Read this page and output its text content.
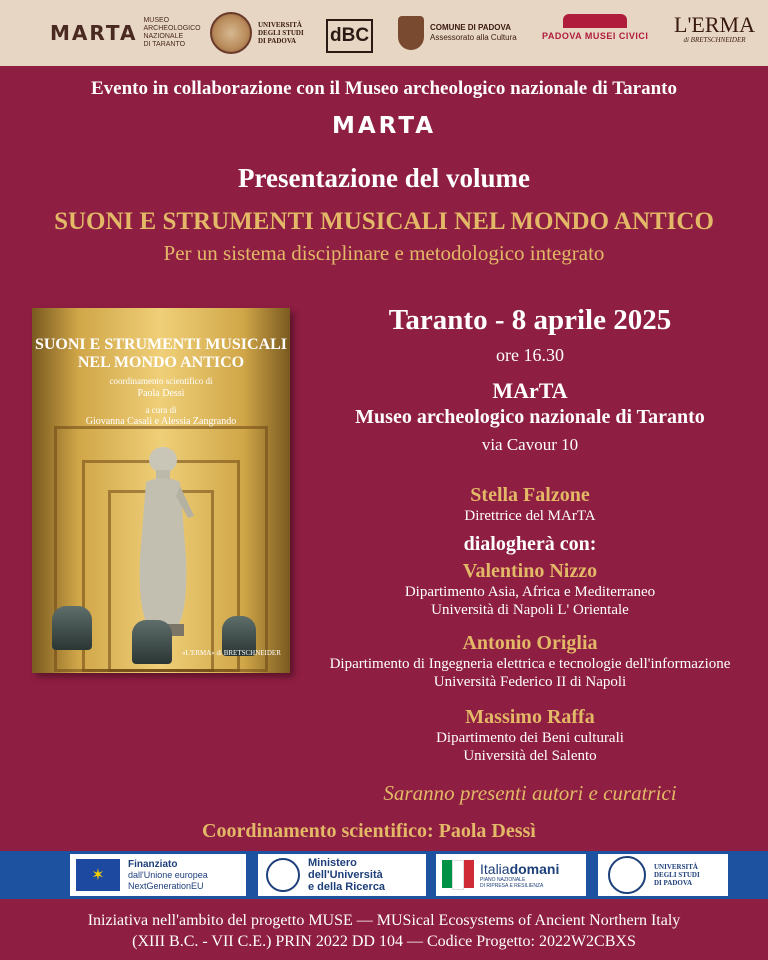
MARTA
MUSEO
ARCHEOLOGICO
NAZIONALE
DI TARANTO
UNIVERSITÀ
DEGLI STUDI
DI PADOVA	dBC	COMUNE DI PADOVA
Assessorato alla Cultura	PADOVA MUSEI CIVICI L'ERMA
di BRETSCHNEIDER

Evento in collaborazione con il Museo archeologico nazionale di Taranto

MARTA

Presentazione del volume

SUONI E STRUMENTI MUSICALI NEL MONDO ANTICO

Per un sistema disciplinare e metodologico integrato

SUONI E STRUMENTI MUSICALI
NEL MONDO ANTICO
coordinamento scientifico di
Paola Dessì
a cura di
Giovanna Casali e Alessia Zangrando
«L'ERMA» di BRETSCHNEIDER

Taranto - 8 aprile 2025

ore 16.30

MArTA

Museo archeologico nazionale di Taranto

via Cavour 10

Stella Falzone

Direttrice del MArTA

dialogherà con:

Valentino Nizzo

Dipartimento Asia, Africa e Mediterraneo
Università di Napoli L' Orientale

Antonio Origlia

Dipartimento di Ingegneria elettrica e tecnologie dell'informazione
Università Federico II di Napoli

Massimo Raffa

Dipartimento dei Beni culturali
Università del Salento

Saranno presenti autori e curatrici

Coordinamento scientifico: Paola Dessì

✶
Finanziato
dall'Unione europea
NextGenerationEU
Ministero
dell'Università
e della Ricerca
Italiadomani
PIANO NAZIONALE
DI RIPRESA E RESILIENZA
UNIVERSITÀ
DEGLI STUDI
DI PADOVA
Iniziativa nell'ambito del progetto MUSE — MUSical Ecosystems of Ancient Northern Italy
(XIII B.C. - VII C.E.) PRIN 2022 DD 104 — Codice Progetto: 2022W2CBXS
